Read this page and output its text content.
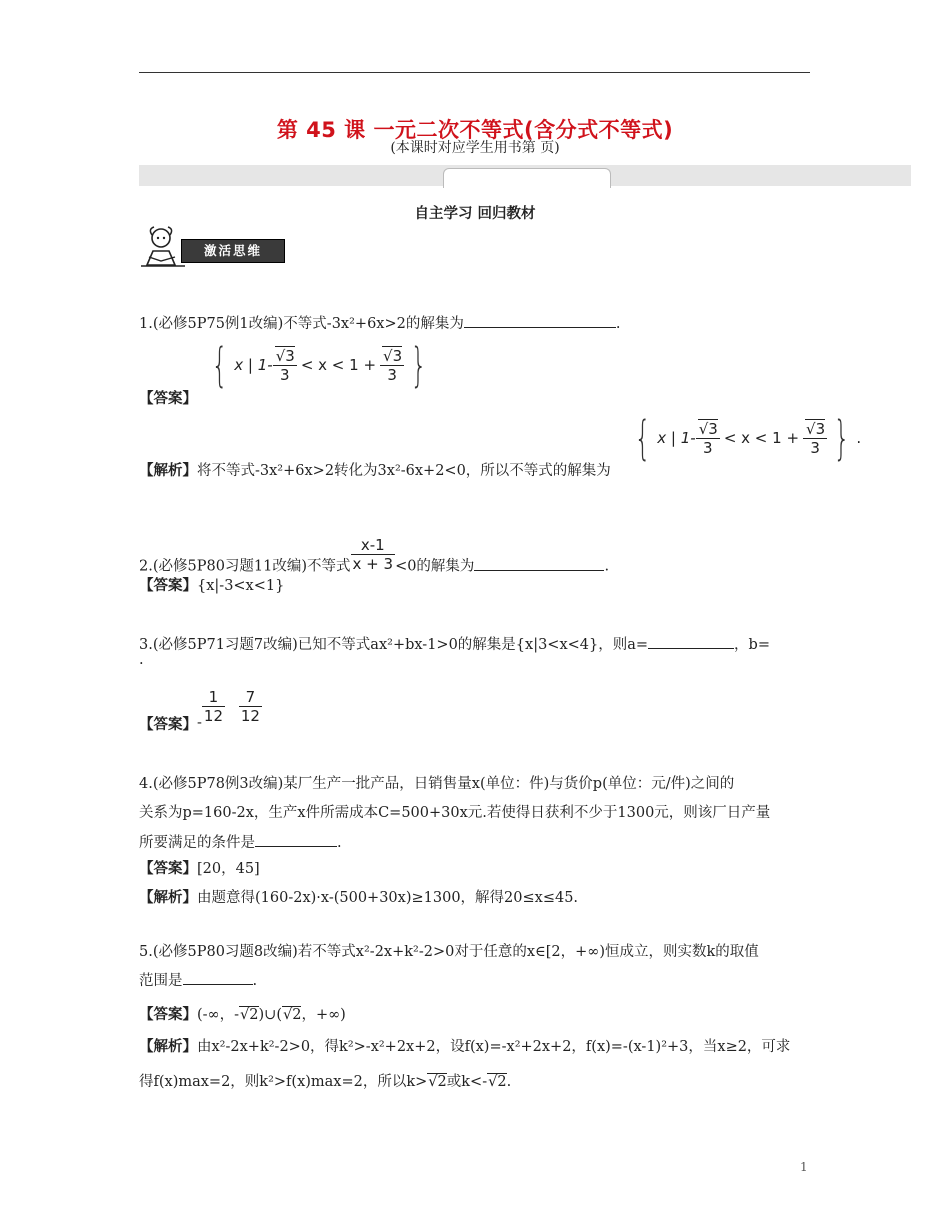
第 45 课 一元二次不等式(含分式不等式)
(本课时对应学生用书第 页)
自主学习 回归教材
激活思维
1.(必修5P75例1改编)不等式-3x²+6x>2的解集为	.
【答案】
{ x | $1- \frac{√3}{3} < x < 1 + \frac{√3}{3}$ }
【解析】将不等式-3x²+6x>2转化为3x²-6x+2<0，所以不等式的解集为
{ x | $1- \frac{√3}{3} < x < 1 + \frac{√3}{3}$ } .
2.(必修5P80习题11改编)不等式 $\frac{x-1}{x + 3} <0$的解集为	.
【答案】{x|-3<x<1}
3.(必修5P71习题7改编)已知不等式ax²+bx-1>0的解集是{x|3<x<4}，则a=	，b=
.
【答案】- $\frac{1}{12}$
$\frac{7}{12}$
4.(必修5P78例3改编)某厂生产一批产品，日销售量x(单位：件)与货价p(单位：元/件)之间的
关系为p=160-2x，生产x件所需成本C=500+30x元.若使得日获利不少于1300元，则该厂日产量
所要满足的条件是	.
【答案】[20，45]
【解析】由题意得(160-2x)·x-(500+30x)≥1300，解得20≤x≤45.
5.(必修5P80习题8改编)若不等式x²-2x+k²-2>0对于任意的x∈[2，+∞)恒成立，则实数k的取值
范围是	.
【答案】(-∞，-√2)∪(√2，+∞)
【解析】由x²-2x+k²-2>0，得k²>-x²+2x+2，设f(x)=-x²+2x+2，f(x)=-(x-1)²+3，当x≥2，可求
得f(x)max=2，则k²>f(x)max=2，所以k>√2或k<-√2.
1
